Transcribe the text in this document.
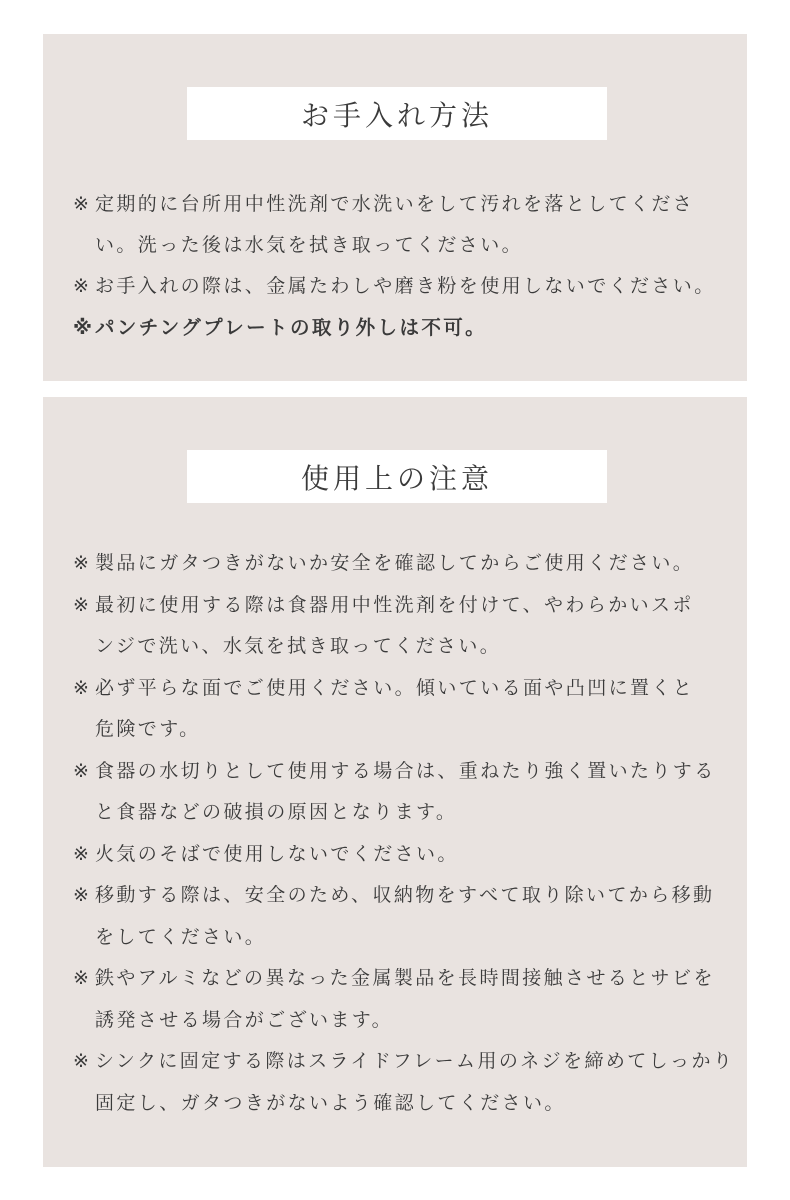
お手入れ方法
※ 定期的に台所用中性洗剤で水洗いをして汚れを落としてくださ
い。洗った後は水気を拭き取ってください。
※ お手入れの際は、金属たわしや磨き粉を使用しないでください。
※ パンチングプレートの取り外しは不可。
使用上の注意
※ 製品にガタつきがないか安全を確認してからご使用ください。
※ 最初に使用する際は食器用中性洗剤を付けて、やわらかいスポ
ンジで洗い、水気を拭き取ってください。
※ 必ず平らな面でご使用ください。傾いている面や凸凹に置くと
危険です。
※ 食器の水切りとして使用する場合は、重ねたり強く置いたりする
と食器などの破損の原因となります。
※ 火気のそばで使用しないでください。
※ 移動する際は、安全のため、収納物をすべて取り除いてから移動
をしてください。
※ 鉄やアルミなどの異なった金属製品を長時間接触させるとサビを
誘発させる場合がございます。
※ シンクに固定する際はスライドフレーム用のネジを締めてしっかり
固定し、ガタつきがないよう確認してください。
